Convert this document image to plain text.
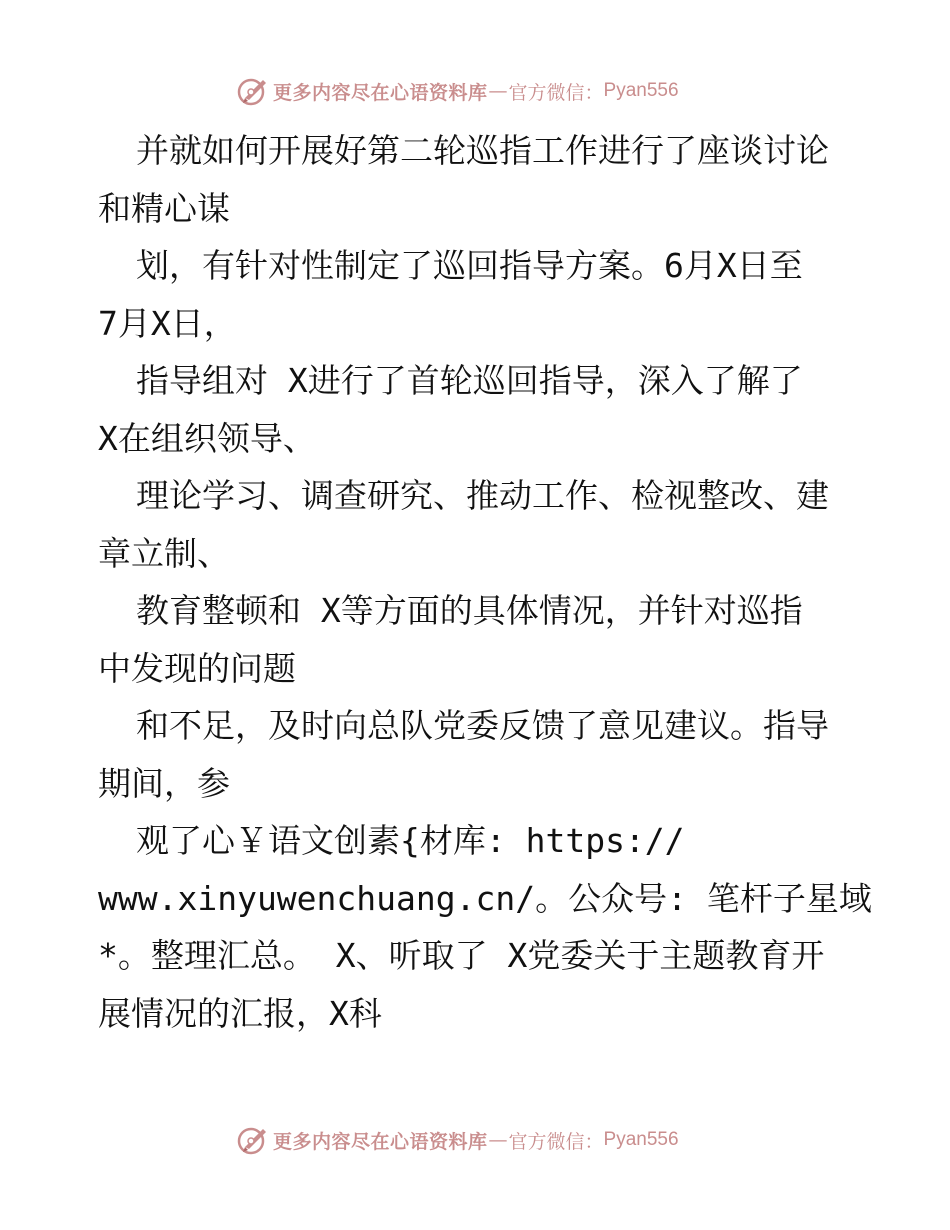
更多内容尽在心语资料库 — 官方微信： Pyan556
并就如何开展好第二轮巡指工作进行了座谈讨论
和精心谋
划，有针对性制定了巡回指导方案。6月X日至
7月X日，
指导组对 X进行了首轮巡回指导，深入了解了
X在组织领导、
理论学习、调查研究、推动工作、检视整改、建
章立制、
教育整顿和 X等方面的具体情况，并针对巡指
中发现的问题
和不足，及时向总队党委反馈了意见建议。指导
期间，参
观了心￥语文创素{材库: https://
www.xinyuwenchuang.cn/。公众号: 笔杆子星域
*。整理汇总。 X、听取了 X党委关于主题教育开
展情况的汇报，X科
更多内容尽在心语资料库 — 官方微信： Pyan556
